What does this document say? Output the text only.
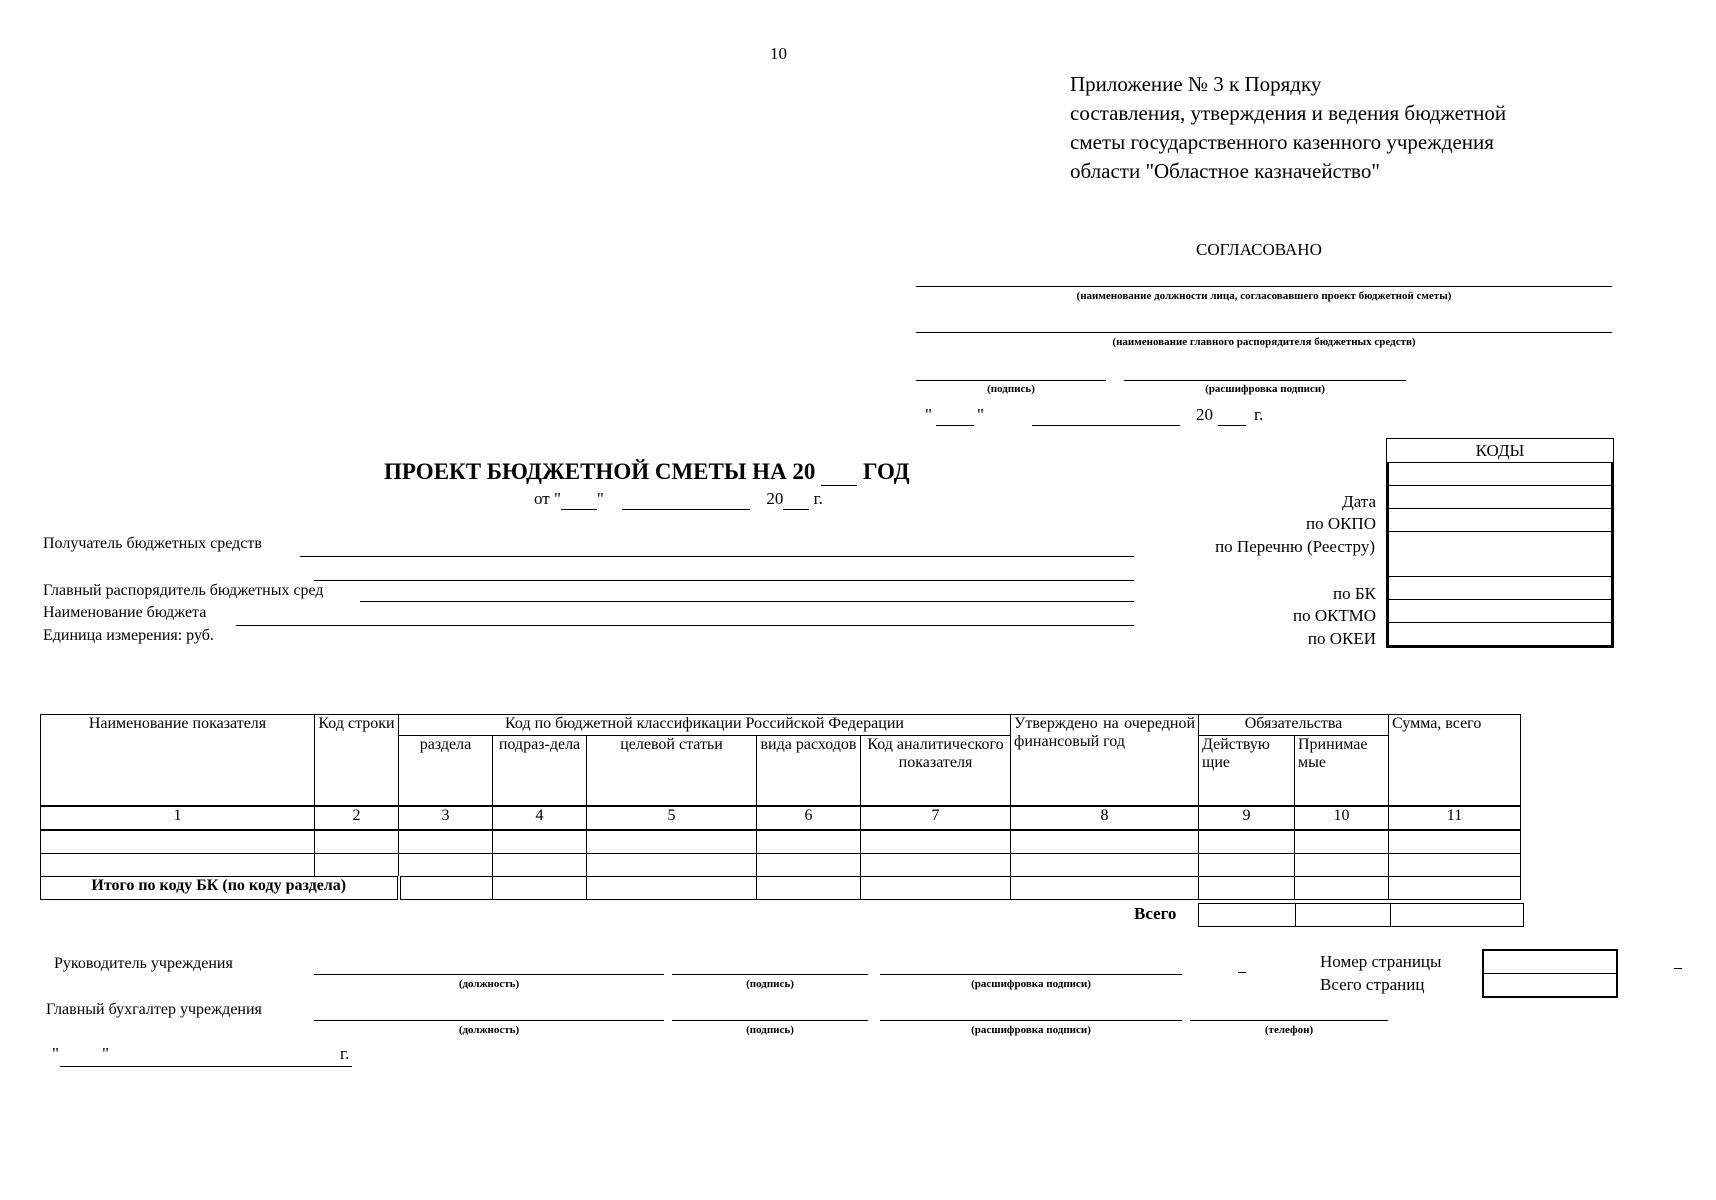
10
Приложение № 3 к Порядку
составления, утверждения и ведения бюджетной
сметы государственного казенного учреждения
области "Областное казначейство"
СОГЛАСОВАНО
(наименование должности лица, согласовавшего проект бюджетной сметы)
(наименование главного распорядителя бюджетных средств)
(подпись)	(расшифровка подписи)
"	"	20 г.
ПРОЕКТ БЮДЖЕТНОЙ СМЕТЫ НА 20 ГОД
от " "	20 г.
Получатель бюджетных средств
Главный распорядитель бюджетных сред
Наименование бюджета
Единица измерения: руб.
КОДЫ
Дата
по ОКПО
по Перечню (Реестру)
по БК
по ОКТМО
по ОКЕИ
Наименование показателя	Код строки	Код по бюджетной классификации Российской Федерации					Утверждено на очередной финансовый год	Обязательства		Сумма, всего
		раздела	подраз-дела	целевой статьи	вида расходов	Код аналитического показателя		Действую щие	Принимае мые	
1	2	3	4	5	6	7	8	9	10	11

Итого по коду БК (по коду раздела)										
Всего

Руководитель учреждения
(должность)	(подпись)	(расшифровка подписи)
Главный бухгалтер учреждения
(должность)	(подпись)	(расшифровка подписи)	(телефон)
"	"	г.
Номер страницы
Всего страниц
